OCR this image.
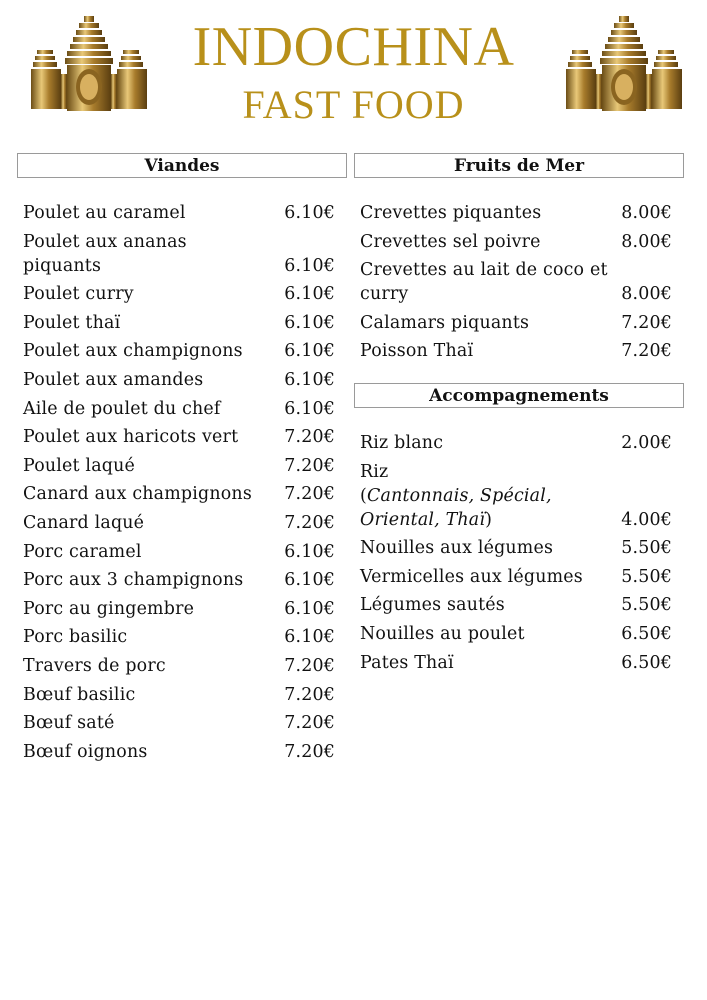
INDOCHINA
FAST FOOD
Viandes
Poulet au caramel	6.10€
Poulet aux ananas piquants	6.10€
Poulet curry	6.10€
Poulet thaï	6.10€
Poulet aux champignons	6.10€
Poulet aux amandes	6.10€
Aile de poulet du chef	6.10€
Poulet aux haricots vert	7.20€
Poulet laqué	7.20€
Canard aux champignons	7.20€
Canard laqué	7.20€
Porc caramel	6.10€
Porc aux 3 champignons	6.10€
Porc au gingembre	6.10€
Porc basilic	6.10€
Travers de porc	7.20€
Bœuf basilic	7.20€
Bœuf saté	7.20€
Bœuf oignons	7.20€
Fruits de Mer
Crevettes piquantes	8.00€
Crevettes sel poivre	8.00€
Crevettes au lait de coco et curry	8.00€
Calamars piquants	7.20€
Poisson Thaï	7.20€
Accompagnements
Riz blanc	2.00€
Riz
(Cantonnais, Spécial, Oriental, Thaï)	4.00€
Nouilles aux légumes	5.50€
Vermicelles aux légumes	5.50€
Légumes sautés	5.50€
Nouilles au poulet	6.50€
Pates Thaï	6.50€
